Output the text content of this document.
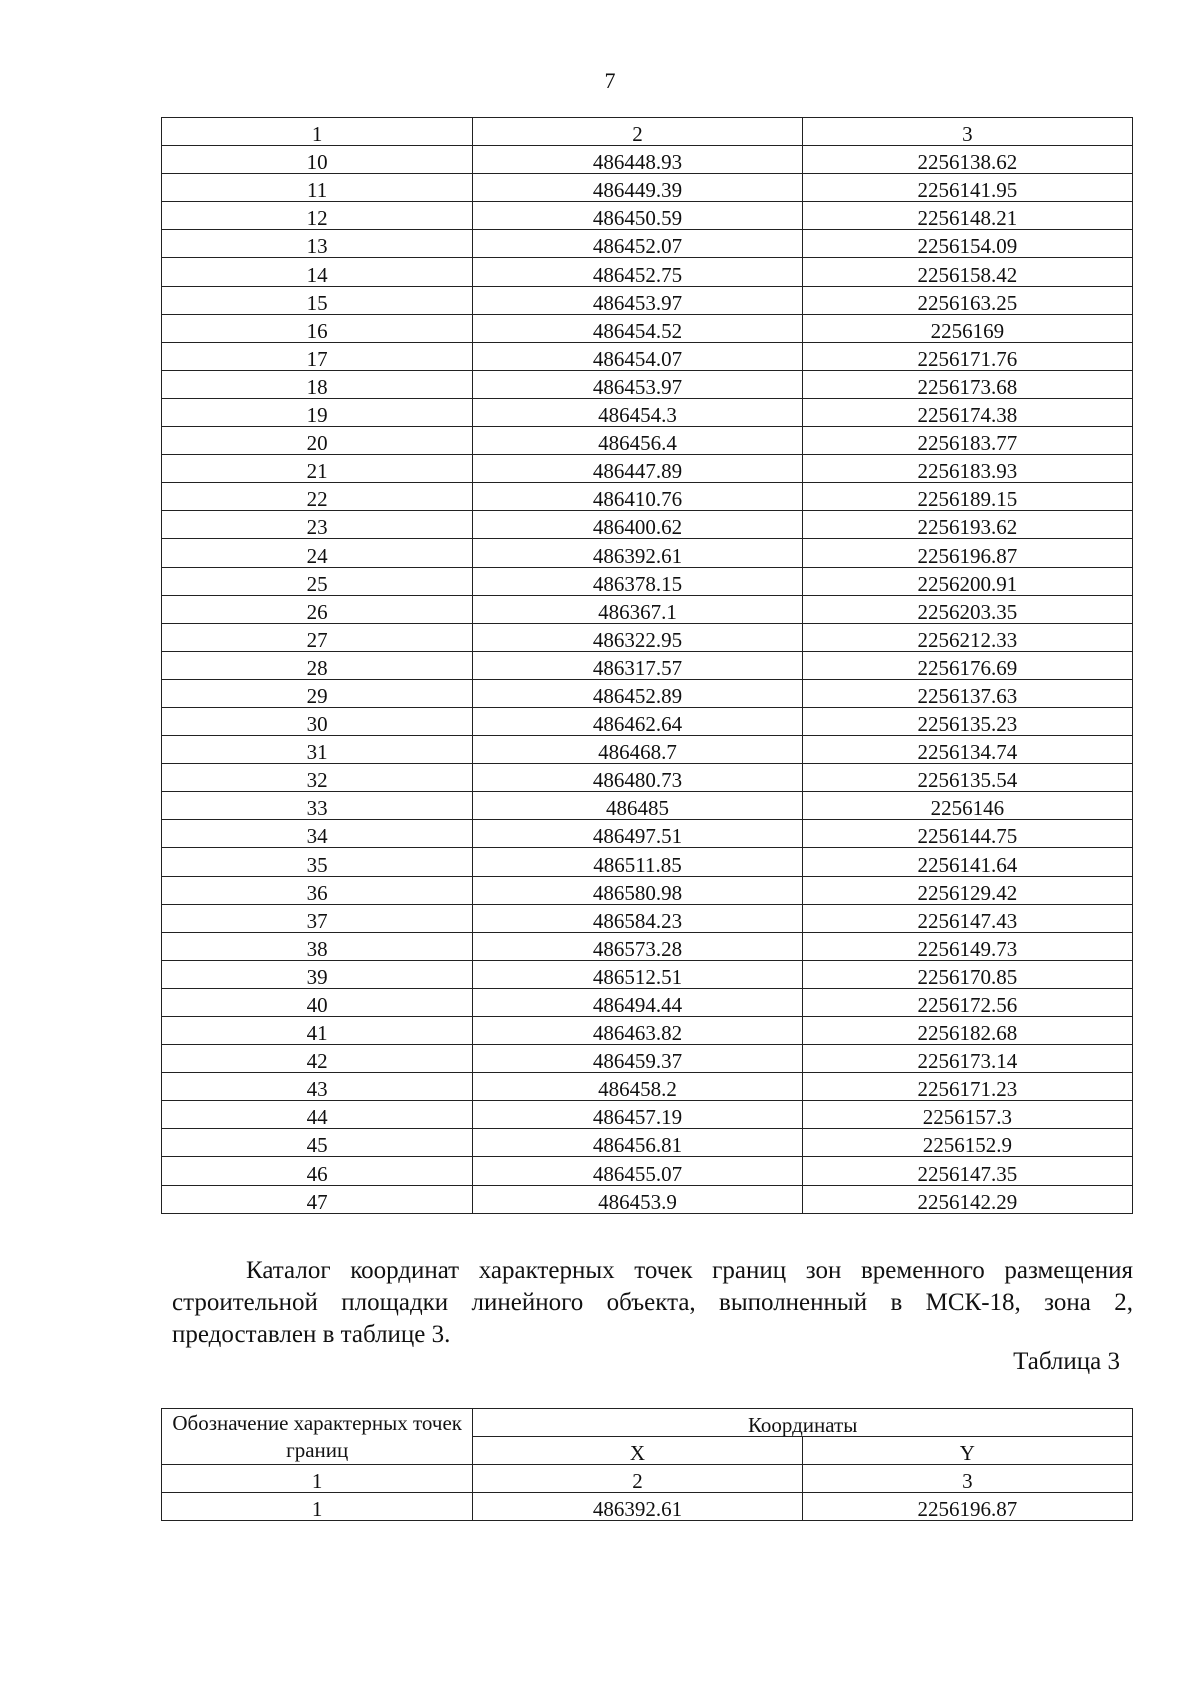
7
1	2	3
10	486448.93	2256138.62
11	486449.39	2256141.95
12	486450.59	2256148.21
13	486452.07	2256154.09
14	486452.75	2256158.42
15	486453.97	2256163.25
16	486454.52	2256169
17	486454.07	2256171.76
18	486453.97	2256173.68
19	486454.3	2256174.38
20	486456.4	2256183.77
21	486447.89	2256183.93
22	486410.76	2256189.15
23	486400.62	2256193.62
24	486392.61	2256196.87
25	486378.15	2256200.91
26	486367.1	2256203.35
27	486322.95	2256212.33
28	486317.57	2256176.69
29	486452.89	2256137.63
30	486462.64	2256135.23
31	486468.7	2256134.74
32	486480.73	2256135.54
33	486485	2256146
34	486497.51	2256144.75
35	486511.85	2256141.64
36	486580.98	2256129.42
37	486584.23	2256147.43
38	486573.28	2256149.73
39	486512.51	2256170.85
40	486494.44	2256172.56
41	486463.82	2256182.68
42	486459.37	2256173.14
43	486458.2	2256171.23
44	486457.19	2256157.3
45	486456.81	2256152.9
46	486455.07	2256147.35
47	486453.9	2256142.29

Каталог координат характерных точек границ зон временного размещения строительной площадки линейного объекта, выполненный в МСК-18, зона 2, предоставлен в таблице 3.

Таблица 3
Обозначение характерных точек границ	Координаты	
	X	Y
1	2	3
1	486392.61	2256196.87
